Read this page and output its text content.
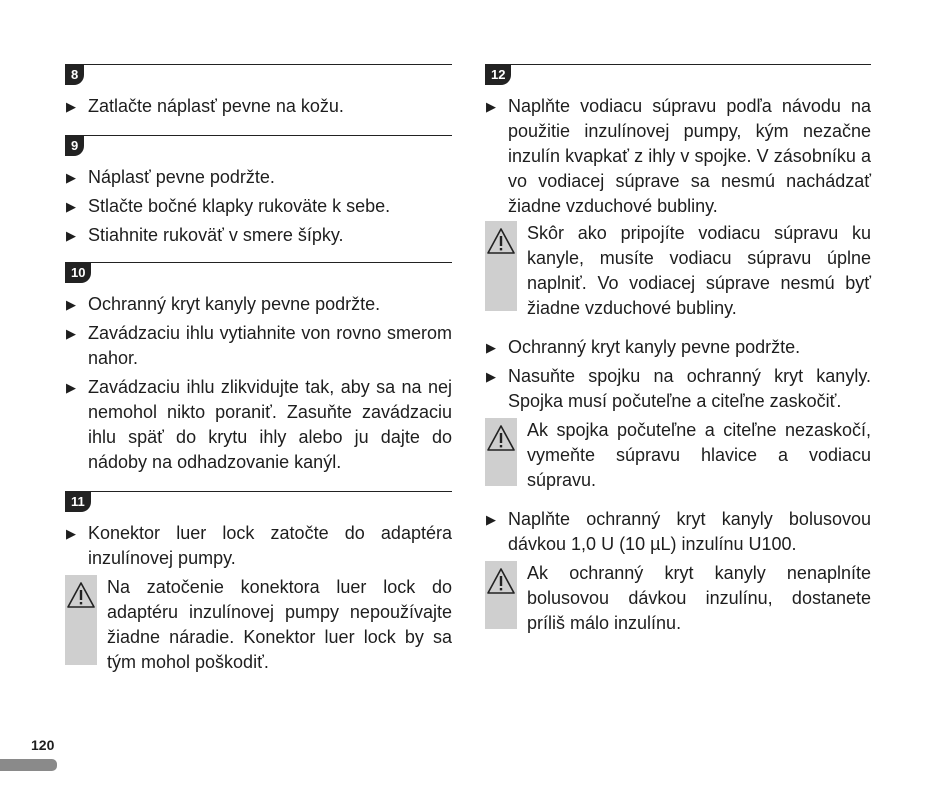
8
▶ Zatlačte náplasť pevne na kožu.
9
▶ Náplasť pevne podržte.
▶ Stlačte bočné klapky rukoväte k sebe.
▶ Stiahnite rukoväť v smere šípky.
10
▶ Ochranný kryt kanyly pevne podržte.
▶ Zavádzaciu ihlu vytiahnite von rovno smerom nahor.
▶ Zavádzaciu ihlu zlikvidujte tak, aby sa na nej nemohol nikto poraniť. Zasuňte zavádzaciu ihlu späť do krytu ihly alebo ju dajte do nádoby na odhadzovanie kanýl.
11
▶ Konektor luer lock zatočte do adaptéra inzulínovej pumpy.
Na zatočenie konektora luer lock do adaptéru inzulínovej pumpy nepoužívajte žiadne náradie. Konektor luer lock by sa tým mohol poškodiť.
12
▶ Naplňte vodiacu súpravu podľa návodu na použitie inzulínovej pumpy, kým nezačne inzulín kvapkať z ihly v spojke. V zásobníku a vo vodiacej súprave sa nesmú nachádzať žiadne vzduchové bubliny.
Skôr ako pripojíte vodiacu súpravu ku kanyle, musíte vodiacu súpravu úplne naplniť. Vo vodiacej súprave nesmú byť žiadne vzduchové bubliny.
▶ Ochranný kryt kanyly pevne podržte.
▶ Nasuňte spojku na ochranný kryt kanyly. Spojka musí počuteľne a citeľne zaskočiť.
Ak spojka počuteľne a citeľne nezaskočí, vymeňte súpravu hlavice a vodiacu súpravu.
▶ Naplňte ochranný kryt kanyly bolusovou dávkou 1,0 U (10 µL) inzulínu U100.
Ak ochranný kryt kanyly nenaplníte bolusovou dávkou inzulínu, dostanete príliš málo inzulínu.
120
